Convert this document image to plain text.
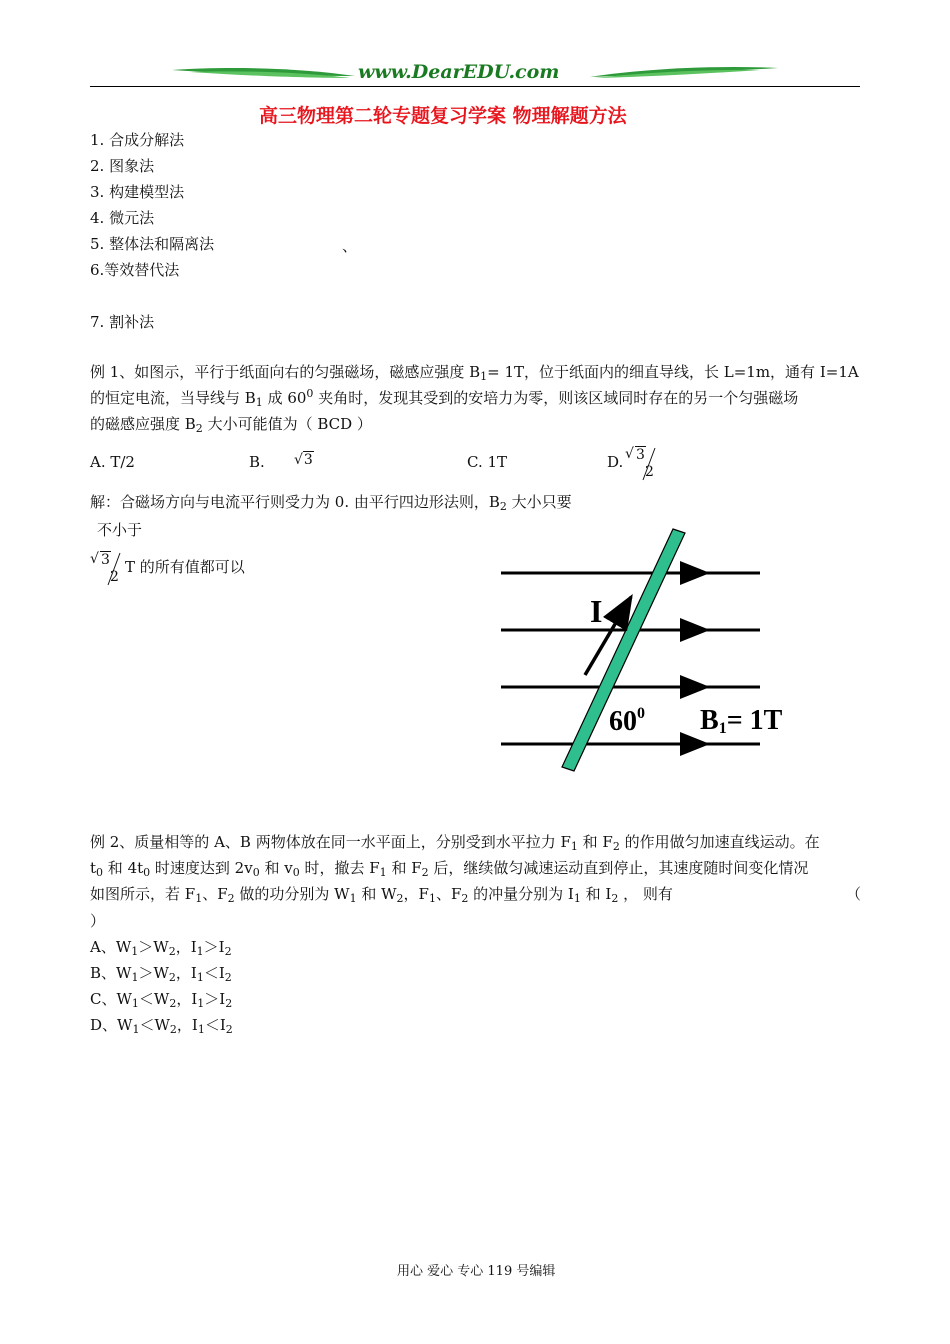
www.DearEDU.com
高三物理第二轮专题复习学案 物理解题方法
1. 合成分解法
2. 图象法
3. 构建模型法
4. 微元法
5. 整体法和隔离法	、
6.等效替代法
7. 割补法
例 1、如图示，平行于纸面向右的匀强磁场，磁感应强度 $B_1= 1T$，位于纸面内的细直导线，长 L=1m，通有 I=1A
的恒定电流，当导线与 $B_1$ 成 $60^0$ 夹角时，发现其受到的安培力为零，则该区域同时存在的另一个匀强磁场
的磁感应强度 $B_2$ 大小可能值为（ BCD ）
A. T/2	B. √3	C. 1T	D. √ 3
2
解：合磁场方向与电流平行则受力为 0. 由平行四边形法则，$B_2$ 大小只要
不小于
√ 3
2
T 的所有值都可以
I
$60^0$ $B_1= 1T$
例 2、质量相等的 A、B 两物体放在同一水平面上，分别受到水平拉力 $F_1$ 和 $F_2$ 的作用做匀加速直线运动。在
$t_0$ 和 $4t_0$ 时速度达到 $2v_0$ 和 $v_0$ 时，撤去 $F_1$ 和 $F_2$ 后，继续做匀减速运动直到停止，其速度随时间变化情况
如图所示，若 $F_1$、$F_2$ 做的功分别为 $W_1$ 和 $W_2$，$F_1$、$F_2$ 的冲量分别为 $I_1$ 和 $I_2$ ， 则有	（
）
A、$W_1>W_2$，$I_1>I_2$
B、$W_1>W_2$，$I_1<I_2$
C、$W_1<W_2$，$I_1>I_2$
D、$W_1<W_2$，$I_1<I_2$
用心 爱心 专心 119 号编辑
